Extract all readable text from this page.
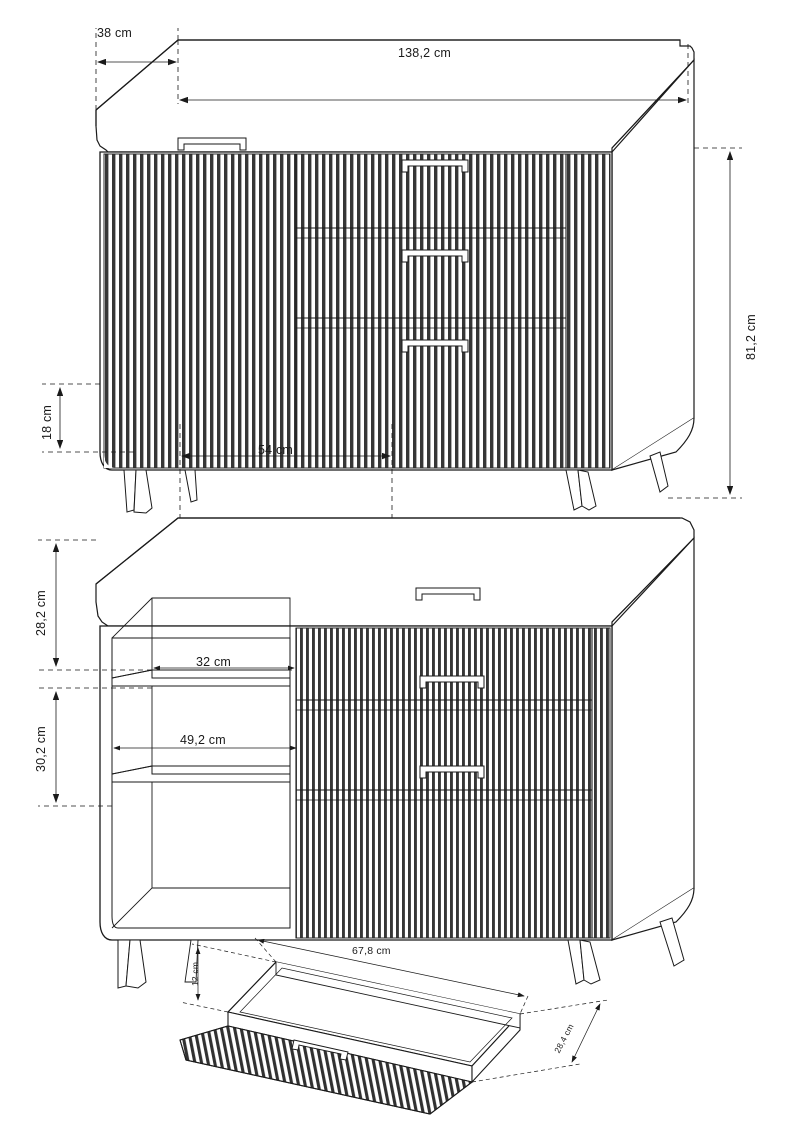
38 cm
138,2 cm
81,2 cm
18 cm
54 cm
28,2 cm
30,2 cm
32 cm
49,2 cm
67,8 cm
12 cm
28,4 cm
